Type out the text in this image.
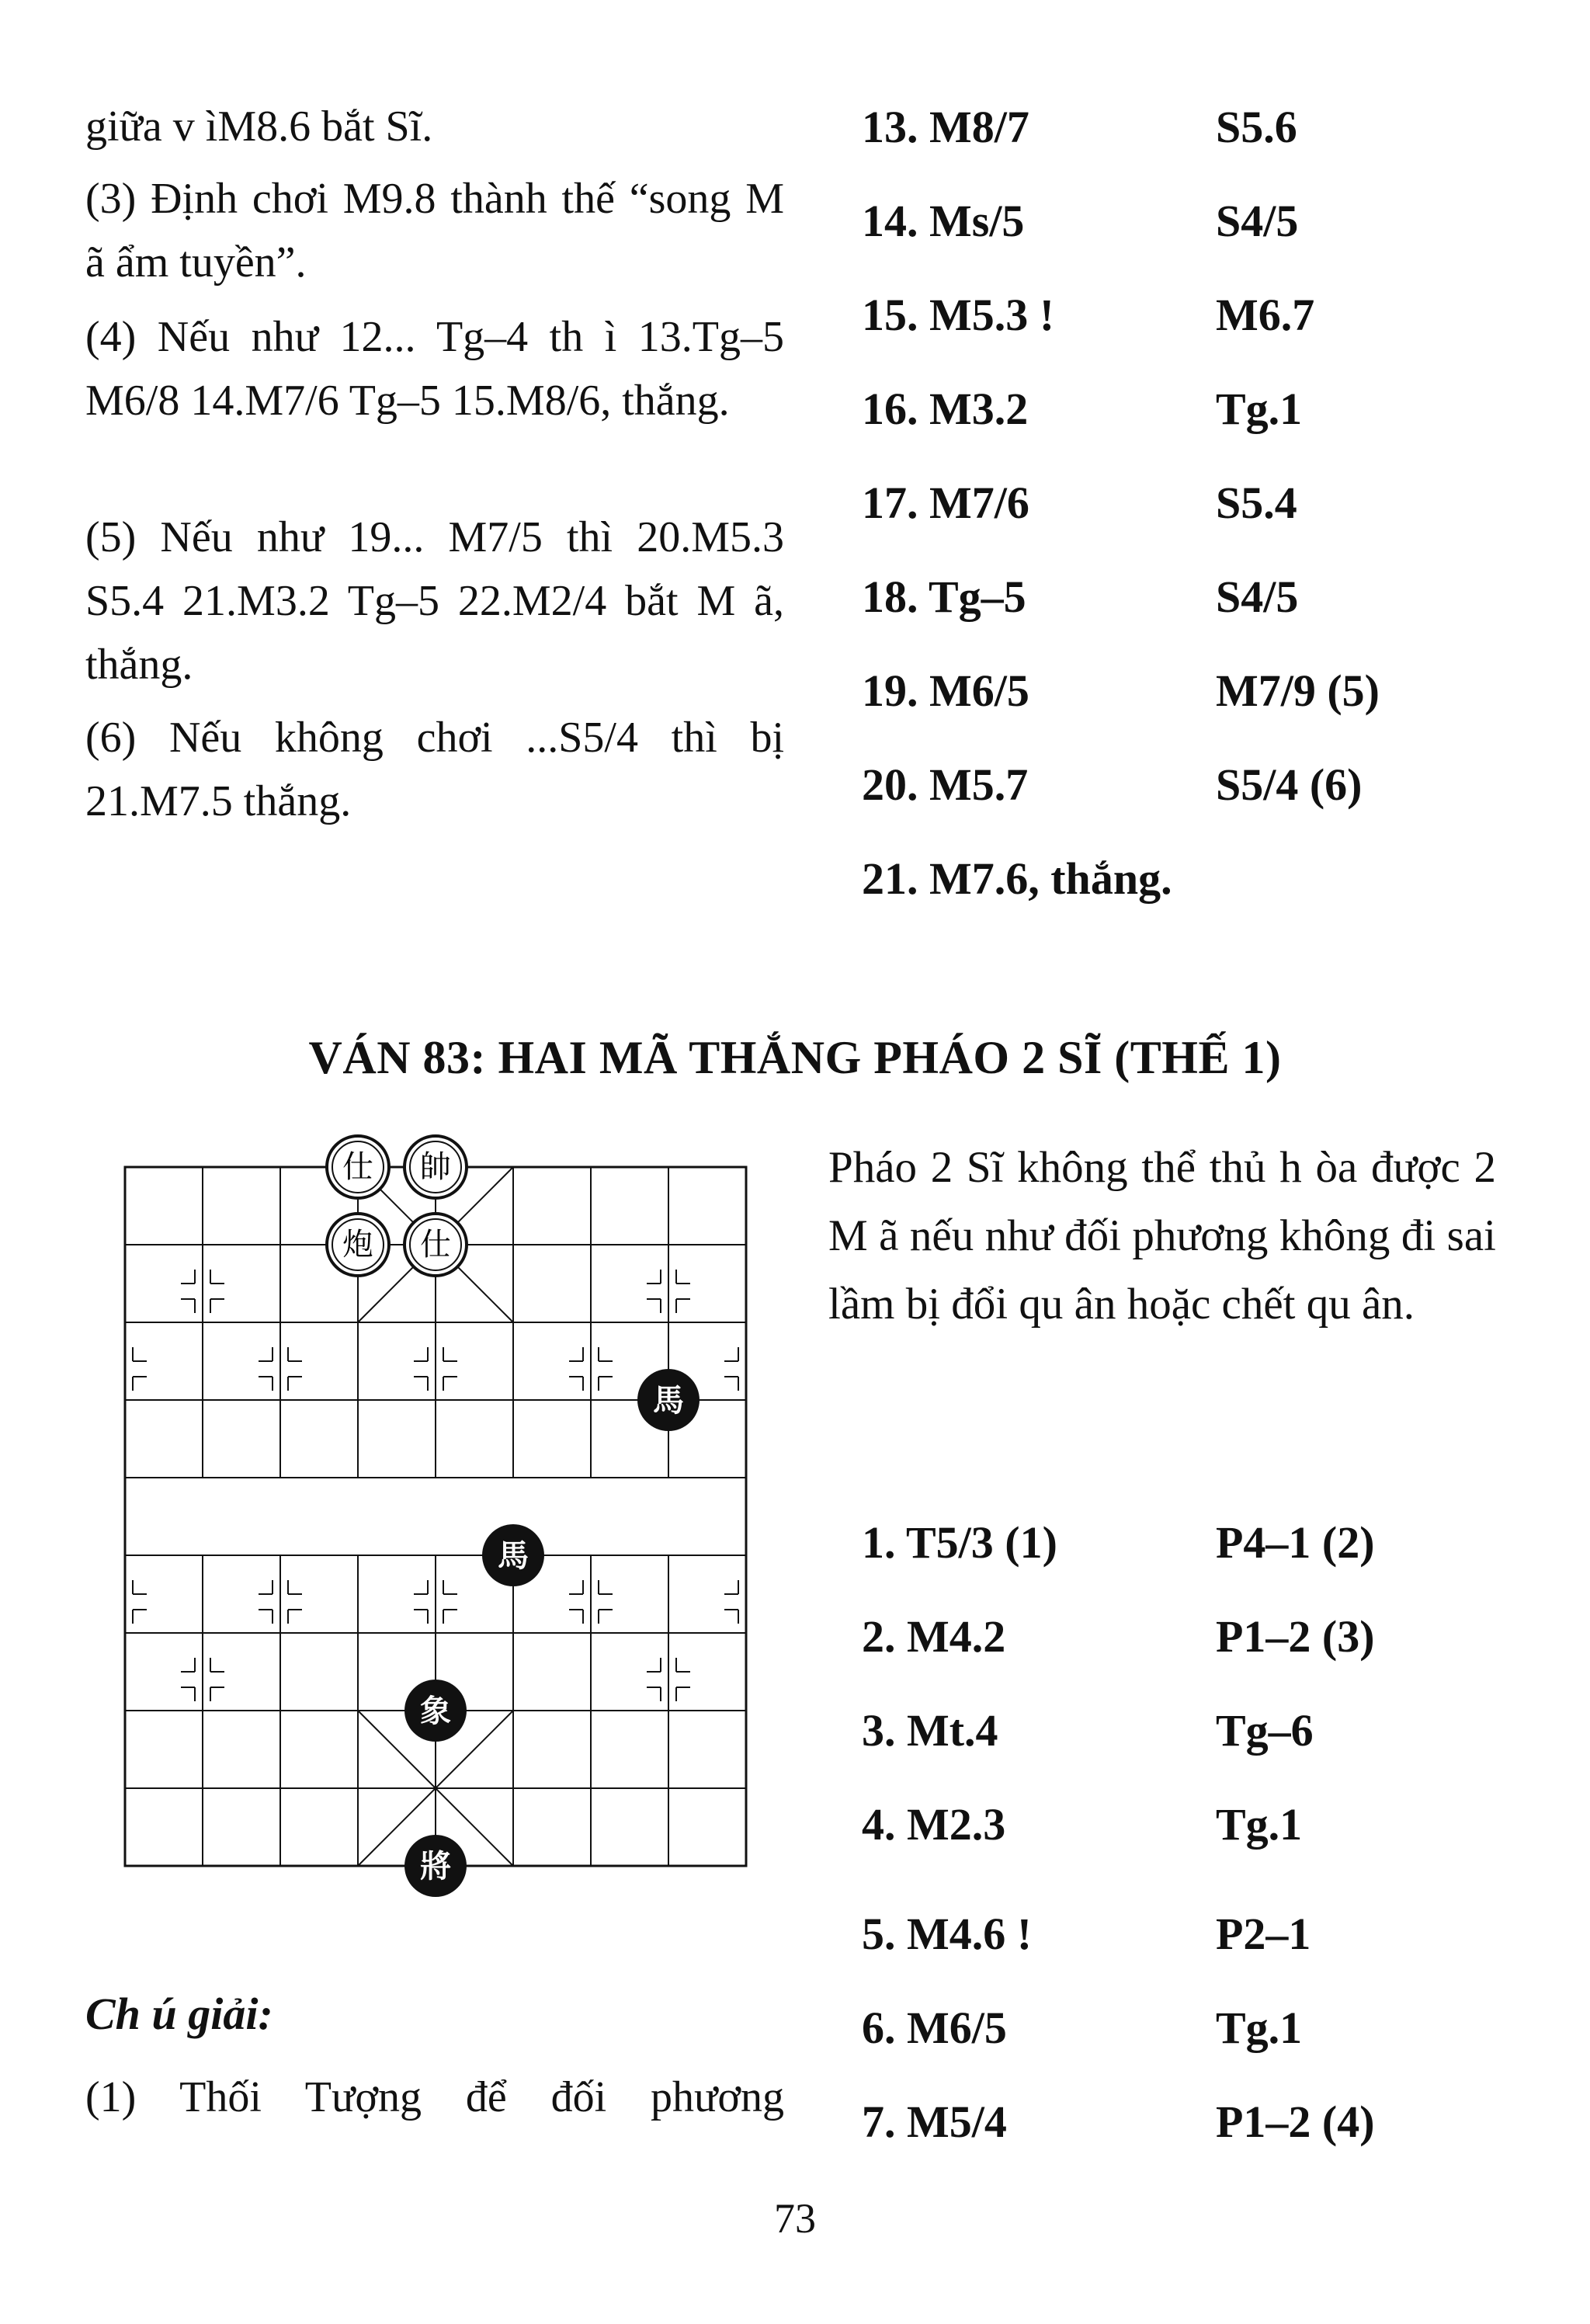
giữa v ìM8.6 bắt Sĩ.

(3) Định chơi M9.8 thành thế “song M ã ẩm tuyền”.

(4) Nếu như 12... Tg–4 th ì 13.Tg–5 M6/8 14.M7/6 Tg–5 15.M8/6, thắng.

(5) Nếu như 19... M7/5 thì 20.M5.3 S5.4 21.M3.2 Tg–5 22.M2/4 bắt M ã, thắng.

(6) Nếu không chơi ...S5/4 thì bị 21.M7.5 thắng.

13. M8/7	S5.6
14. Ms/5	S4/5
15. M5.3 !	M6.7
16. M3.2	Tg.1
17. M7/6	S5.4
18. Tg–5	S4/5
19. M6/5	M7/9 (5)
20. M5.7	S5/4 (6)
21. M7.6, thắng.
VÁN 83: HAI MÃ THẮNG PHÁO 2 SĨ (THẾ 1)
仕 帥
炮 仕
馬
馬
象
將

Pháo 2 Sĩ không thể thủ h òa được 2 M ã nếu như đối phương không đi sai lầm bị đổi qu ân hoặc chết qu ân.

1. T5/3 (1)	P4–1 (2)
2. M4.2	P1–2 (3)
3. Mt.4	Tg–6
4. M2.3	Tg.1
5. M4.6 !	P2–1
6. M6/5	Tg.1
7. M5/4	P1–2 (4)
Ch ú giải:

(1) Thối Tượng để đối phương

73
